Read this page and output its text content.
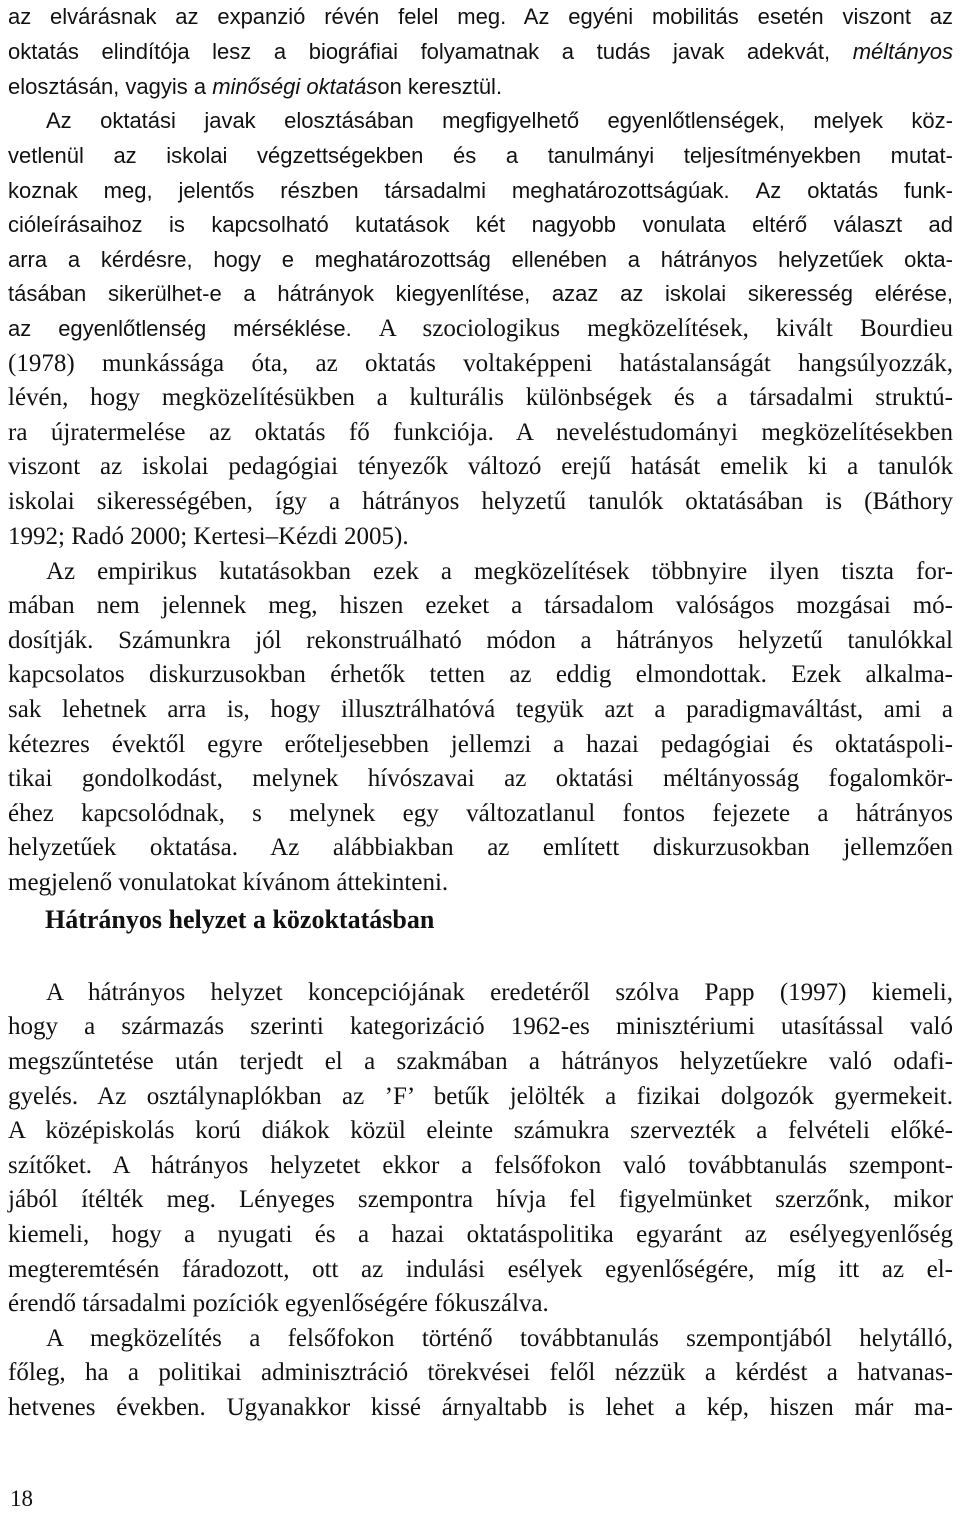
az elvárásnak az expanzió révén felel meg. Az egyéni mobilitás esetén viszont az
oktatás elindítója lesz a biográfiai folyamatnak a tudás javak adekvát, méltányos
elosztásán, vagyis a minőségi oktatáson keresztül.
Az oktatási javak elosztásában megfigyelhető egyenlőtlenségek, melyek köz-
vetlenül az iskolai végzettségekben és a tanulmányi teljesítményekben mutat-
koznak meg, jelentős részben társadalmi meghatározottságúak. Az oktatás funk-
cióleírásaihoz is kapcsolható kutatások két nagyobb vonulata eltérő választ ad
arra a kérdésre, hogy e meghatározottság ellenében a hátrányos helyzetűek okta-
tásában sikerülhet-e a hátrányok kiegyenlítése, azaz az iskolai sikeresség elérése,
az egyenlőtlenség mérséklése. A szociologikus megközelítések, kivált Bourdieu
(1978) munkássága óta, az oktatás voltaképpeni hatástalanságát hangsúlyozzák,
lévén, hogy megközelítésükben a kulturális különbségek és a társadalmi struktú-
ra újratermelése az oktatás fő funkciója. A neveléstudományi megközelítésekben
viszont az iskolai pedagógiai tényezők változó erejű hatását emelik ki a tanulók
iskolai sikerességében, így a hátrányos helyzetű tanulók oktatásában is (Báthory
1992; Radó 2000; Kertesi–Kézdi 2005).
Az empirikus kutatásokban ezek a megközelítések többnyire ilyen tiszta for-
mában nem jelennek meg, hiszen ezeket a társadalom valóságos mozgásai mó-
dosítják. Számunkra jól rekonstruálható módon a hátrányos helyzetű tanulókkal
kapcsolatos diskurzusokban érhetők tetten az eddig elmondottak. Ezek alkalma-
sak lehetnek arra is, hogy illusztrálhatóvá tegyük azt a paradigmaváltást, ami a
kétezres évektől egyre erőteljesebben jellemzi a hazai pedagógiai és oktatáspoli-
tikai gondolkodást, melynek hívószavai az oktatási méltányosság fogalomkör-
éhez kapcsolódnak, s melynek egy változatlanul fontos fejezete a hátrányos
helyzetűek oktatása. Az alábbiakban az említett diskurzusokban jellemzően
megjelenő vonulatokat kívánom áttekinteni.
Hátrányos helyzet a közoktatásban
A hátrányos helyzet koncepciójának eredetéről szólva Papp (1997) kiemeli,
hogy a származás szerinti kategorizáció 1962-es minisztériumi utasítással való
megszűntetése után terjedt el a szakmában a hátrányos helyzetűekre való odafi-
gyelés. Az osztálynaplókban az ’F’ betűk jelölték a fizikai dolgozók gyermekeit.
A középiskolás korú diákok közül eleinte számukra szervezték a felvételi előké-
szítőket. A hátrányos helyzetet ekkor a felsőfokon való továbbtanulás szempont-
jából ítélték meg. Lényeges szempontra hívja fel figyelmünket szerzőnk, mikor
kiemeli, hogy a nyugati és a hazai oktatáspolitika egyaránt az esélyegyenlőség
megteremtésén fáradozott, ott az indulási esélyek egyenlőségére, míg itt az el-
érendő társadalmi pozíciók egyenlőségére fókuszálva.
A megközelítés a felsőfokon történő továbbtanulás szempontjából helytálló,
főleg, ha a politikai adminisztráció törekvései felől nézzük a kérdést a hatvanas-
hetvenes években. Ugyanakkor kissé árnyaltabb is lehet a kép, hiszen már ma-
18
